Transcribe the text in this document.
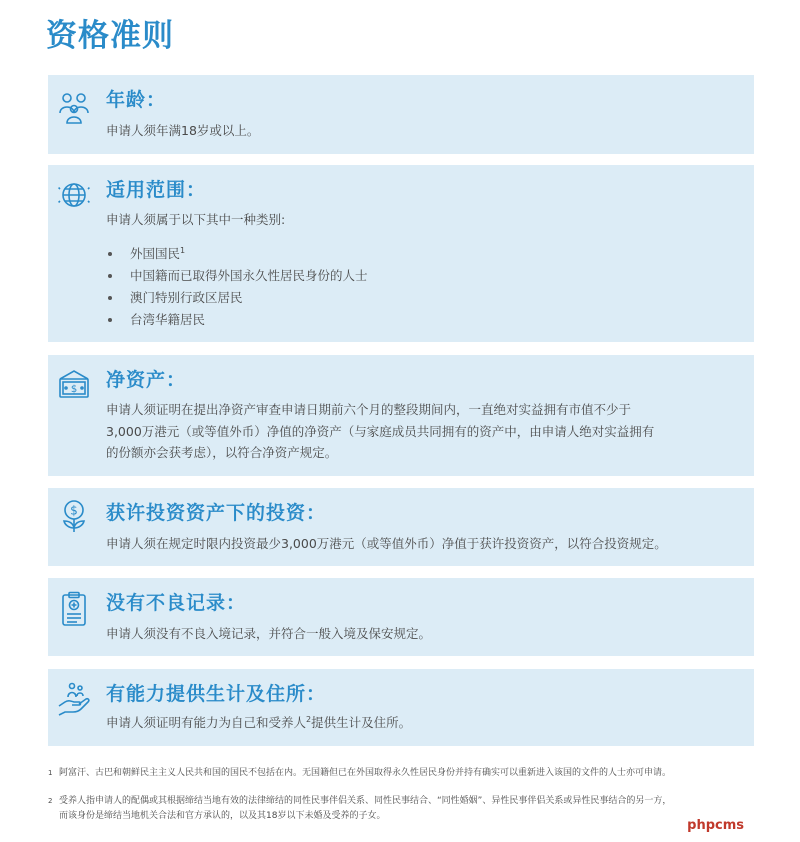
资格准则
年龄：

申请人须年满18岁或以上。

适用范围：

申请人须属于以下其中一种类别:

外国国民$^1$
中国籍而已取得外国永久性居民身份的人士
澳门特别行政区居民
台湾华籍居民
$ 净资产：

申请人须证明在提出净资产审查申请日期前六个月的整段期间内，一直绝对实益拥有市值不少于

3,000万港元（或等值外币）净值的净资产（与家庭成员共同拥有的资产中，由申请人绝对实益拥有

的份额亦会获考虑），以符合净资产规定。

$ 获许投资资产下的投资：

申请人须在规定时限内投资最少3,000万港元（或等值外币）净值于获许投资资产，以符合投资规定。

没有不良记录：

申请人须没有不良入境记录，并符合一般入境及保安规定。

有能力提供生计及住所：

申请人须证明有能力为自己和受养人$^2$提供生计及住所。

1 阿富汗、古巴和朝鲜民主主义人民共和国的国民不包括在内。无国籍但已在外国取得永久性居民身份并持有确实可以重新进入该国的文件的人士亦可申请。
2 受养人指申请人的配偶或其根据缔结当地有效的法律缔结的同性民事伴侣关系、同性民事结合、“同性婚姻”、异性民事伴侣关系或异性民事结合的另一方，
而该身份是缔结当地机关合法和官方承认的，以及其18岁以下未婚及受养的子女。
phpcms
